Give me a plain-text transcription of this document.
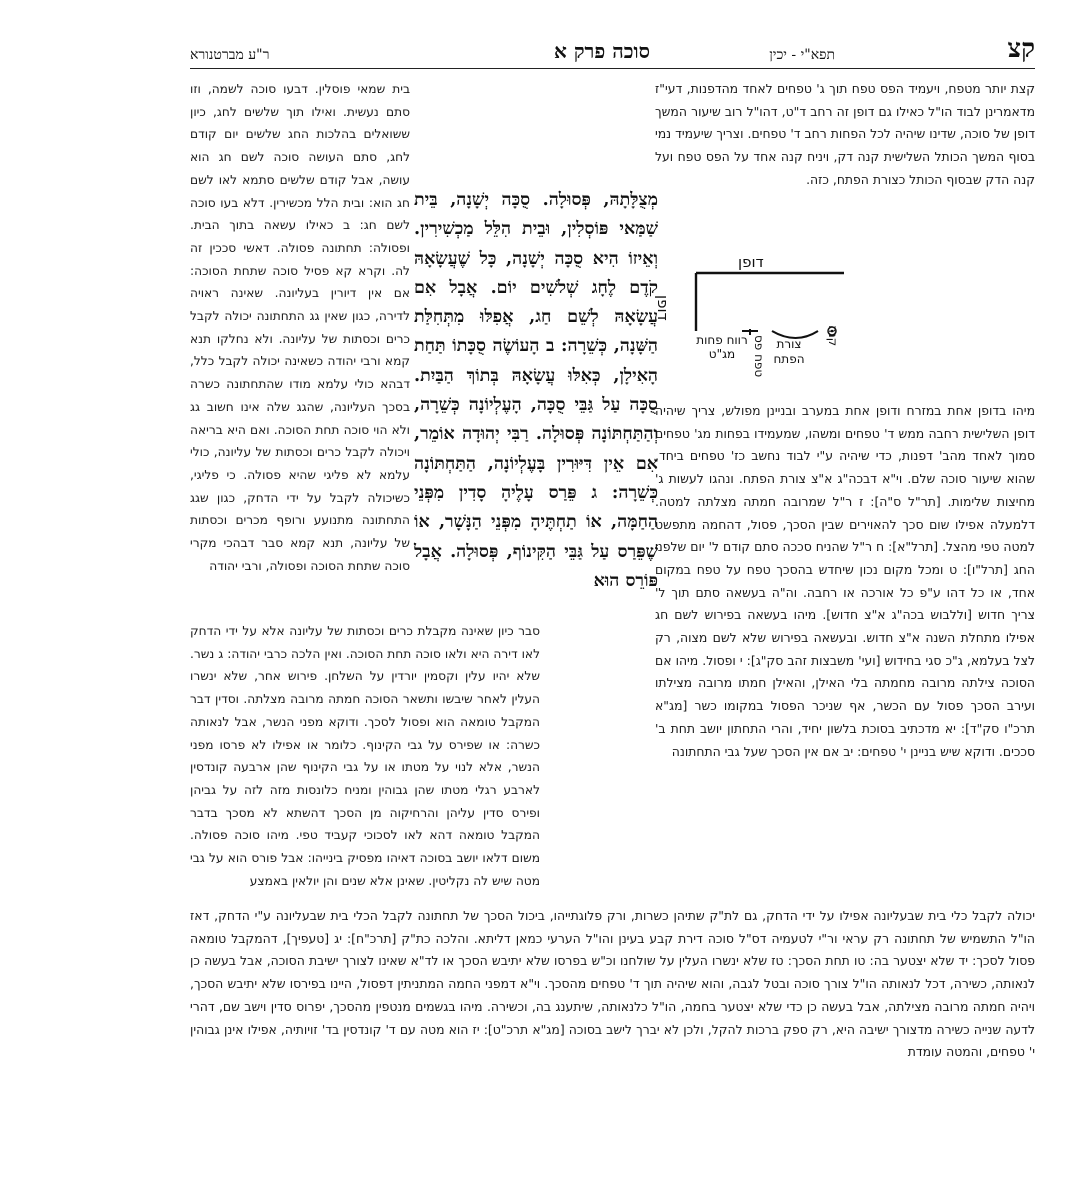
קצ
תפא"י - יכין
סוכה פרק א
ר"ע מברטנורא

קצת יותר מטפח, ויעמיד הפס טפח תוך ג' טפחים לאחד מהדפנות, דעי"ז מדאמרינן לבוד הו"ל כאילו גם דופן זה רחב ד"ט, דהו"ל רוב שיעור המשך דופן של סוכה, שדינו שיהיה לכל הפחות רחב ד' טפחים. וצריך שיעמיד נמי בסוף המשך הכותל השלישית קנה דק, ויניח קנה אחד על הפס טפח ועל קנה הדק שבסוף הכותל כצורת הפתח, כזה.

דופן
דופן
טפח פס
רווח פחות מג"ט
צורת הפתח
קנה

מיהו בדופן אחת במזרח ודופן אחת במערב ובניינן מפולש, צריך שיהיה דופן השלישית רחבה ממש ד' טפחים ומשהו, שמעמידו בפחות מג' טפחים סמוך לאחד מהב' דפנות, כדי שיהיה ע"י לבוד נחשב כז' טפחים ביחד, שהוא שיעור סוכה שלם. וי"א דבכה"ג א"צ צורת הפתח. ונהגו לעשות ג' מחיצות שלימות. [תר"ל ס"ה]: ז ר"ל שמרובה חמתה מצלתה למטה. דלמעלה אפילו שום סכך להאוירים שבין הסכך, פסול, דהחמה מתפשט למטה טפי מהצל. [תרל"א]: ח ר"ל שהניח סככה סתם קודם ל' יום שלפני החג [תרל"ו]: ט ומכל מקום נכון שיחדש בהסכך טפח על טפח במקום אחד, או כל דהו ע"פ כל אורכה או רחבה. וה"ה בעשאה סתם תוך ל' צריך חדוש [וללבוש בכה"ג א"צ חדוש]. מיהו בעשאה בפירוש לשם חג אפילו מתחלת השנה א"צ חדוש. ובעשאה בפירוש שלא לשם מצוה, רק לצל בעלמא, ג"כ סגי בחידוש [ועי' משבצות זהב סק"ג]: י ופסול. מיהו אם הסוכה צילתה מרובה מחמתה בלי האילן, והאילן חמתו מרובה מצילתו ועירב הסכך פסול עם הכשר, אף שניכר הפסול במקומו כשר [מג"א תרכ"ו סק"ד]: יא מדכתיב בסוכת בלשון יחיד, והרי התחתון יושב תחת ב' סככים. ודוקא שיש בניינן י' טפחים: יב אם אין הסכך שעל גבי התחתונה

מְצֻלָּתָהּ, פְּסוּלָה. סֻכָּה יְשָׁנָה, בֵּית שַׁמַּאי פּוֹסְלִין, וּבֵית הִלֵּל מַכְשִׁירִין. וְאֵיזוֹ הִיא סֻכָּה יְשָׁנָה, כָּל שֶׁעֲשָׂאָהּ קֹדֶם לֶחָג שְׁלשִׁים יוֹם. אֲבָל אִם עֲשָׂאָהּ לְשֵׁם חַג, אֲפִלּוּ מִתְּחִלַּת הַשָּׁנָה, כְּשֵׁרָה: ב הָעוֹשֶׂה סֻכָּתוֹ תַּחַת הָאִילָן, כְּאִלּוּ עֲשָׂאָהּ בְּתוֹךְ הַבַּיִת. סֻכָּה עַל גַּבֵּי סֻכָּה, הָעֶלְיוֹנָה כְּשֵׁרָה, וְהַתַּחְתּוֹנָה פְּסוּלָה. רַבִּי יְהוּדָה אוֹמֵר, אִם אֵין דִּיּוּרִין בָּעֶלְיוֹנָה, הַתַּחְתּוֹנָה כְּשֵׁרָה: ג פֵּרַס עָלֶיהָ סָדִין מִפְּנֵי הַחַמָּה, אוֹ תַחְתֶּיהָ מִפְּנֵי הַנָּשָׁר, אוֹ שֶׁפֵּרַס עַל גַּבֵּי הַקִּינוֹף, פְּסוּלָה. אֲבָל פּוֹרֵס הוּא

בית שמאי פוסלין. דבעו סוכה לשמה, וזו סתם נעשית. ואילו תוך שלשים לחג, כיון ששואלים בהלכות החג שלשים יום קודם לחג, סתם העושה סוכה לשם חג הוא עושה, אבל קודם שלשים סתמא לאו לשם חג הוא: ובית הלל מכשירין. דלא בעו סוכה לשם חג: ב כאילו עשאה בתוך הבית. ופסולה: תחתונה פסולה. דאשי סככין זה לה. וקרא קא פסיל סוכה שתחת הסוכה: אם אין דיורין בעליונה. שאינה ראויה לדירה, כגון שאין גג התחתונה יכולה לקבל כרים וכסתות של עליונה. ולא נחלקו תנא קמא ורבי יהודה כשאינה יכולה לקבל כלל, דבהא כולי עלמא מודו שהתחתונה כשרה בסכך העליונה, שהגג שלה אינו חשוב גג ולא הוי סוכה תחת הסוכה. ואם היא בריאה ויכולה לקבל כרים וכסתות של עליונה, כולי עלמא לא פליגי שהיא פסולה. כי פליגי, כשיכולה לקבל על ידי הדחק, כגון שגג התחתונה מתנועע ורופף מכרים וכסתות של עליונה, תנא קמא סבר דבהכי מקרי סוכה שתחת הסוכה ופסולה, ורבי יהודה

סבר כיון שאינה מקבלת כרים וכסתות של עליונה אלא על ידי הדחק לאו דירה היא ולאו סוכה תחת הסוכה. ואין הלכה כרבי יהודה: ג נשר. שלא יהיו עלין וקסמין יורדין על השלחן. פירוש אחר, שלא ינשרו העלין לאחר שיבשו ותשאר הסוכה חמתה מרובה מצלתה. וסדין דבר המקבל טומאה הוא ופסול לסכך. ודוקא מפני הנשר, אבל לנאותה כשרה: או שפירס על גבי הקינוף. כלומר או אפילו לא פרסו מפני הנשר, אלא לנוי על מטתו או על גבי הקינוף שהן ארבעה קונדסין לארבע רגלי מטתו שהן גבוהין ומניח כלונסות מזה לזה על גביהן ופירס סדין עליהן והרחיקוה מן הסכך דהשתא לא מסכך בדבר המקבל טומאה דהא לאו לסכוכי קעביד טפי. מיהו סוכה פסולה. משום דלאו יושב בסוכה דאיהו מפסיק בינייהו: אבל פורס הוא על גבי מטה שיש לה נקליטין. שאינן אלא שנים והן יולאין באמצע

יכולה לקבל כלי בית שבעליונה אפילו על ידי הדחק, גם לת"ק שתיהן כשרות, ורק פלוגתייהו, ביכול הסכך של תחתונה לקבל הכלי בית שבעליונה ע"י הדחק, דאז הו"ל התשמיש של תחתונה רק עראי ור"י לטעמיה דס"ל סוכה דירת קבע בעינן והו"ל הערעי כמאן דליתא. והלכה כת"ק [תרכ"ח]: יג [טעפיך], דהמקבל טומאה פסול לסכך: יד שלא יצטער בה: טו תחת הסכך: טז שלא ינשרו העלין על שולחנו וכ"ש בפרסו שלא יתיבש הסכך או לד"א שאינו לצורך ישיבת הסוכה, אבל בעשה כן לנאותה, כשירה, דכל לנאותה הו"ל צורך סוכה ובטל לגבה, והוא שיהיה תוך ד' טפחים מהסכך. וי"א דמפני החמה המתניתין דפסול, היינו בפירסו שלא יתיבש הסכך, ויהיה חמתה מרובה מצילתה, אבל בעשה כן כדי שלא יצטער בחמה, הו"ל כלנאותה, שיתענג בה, וכשירה. מיהו בגשמים מנטפין מהסכך, יפרוס סדין וישב שם, דהרי לדעה שנייה כשירה מדצורך ישיבה היא, רק ספק ברכות להקל, ולכן לא יברך לישב בסוכה [מג"א תרכ"ט]: יז הוא מטה עם ד' קונדסין בד' זויותיה, אפילו אינן גבוהין י' טפחים, והמטה עומדת
